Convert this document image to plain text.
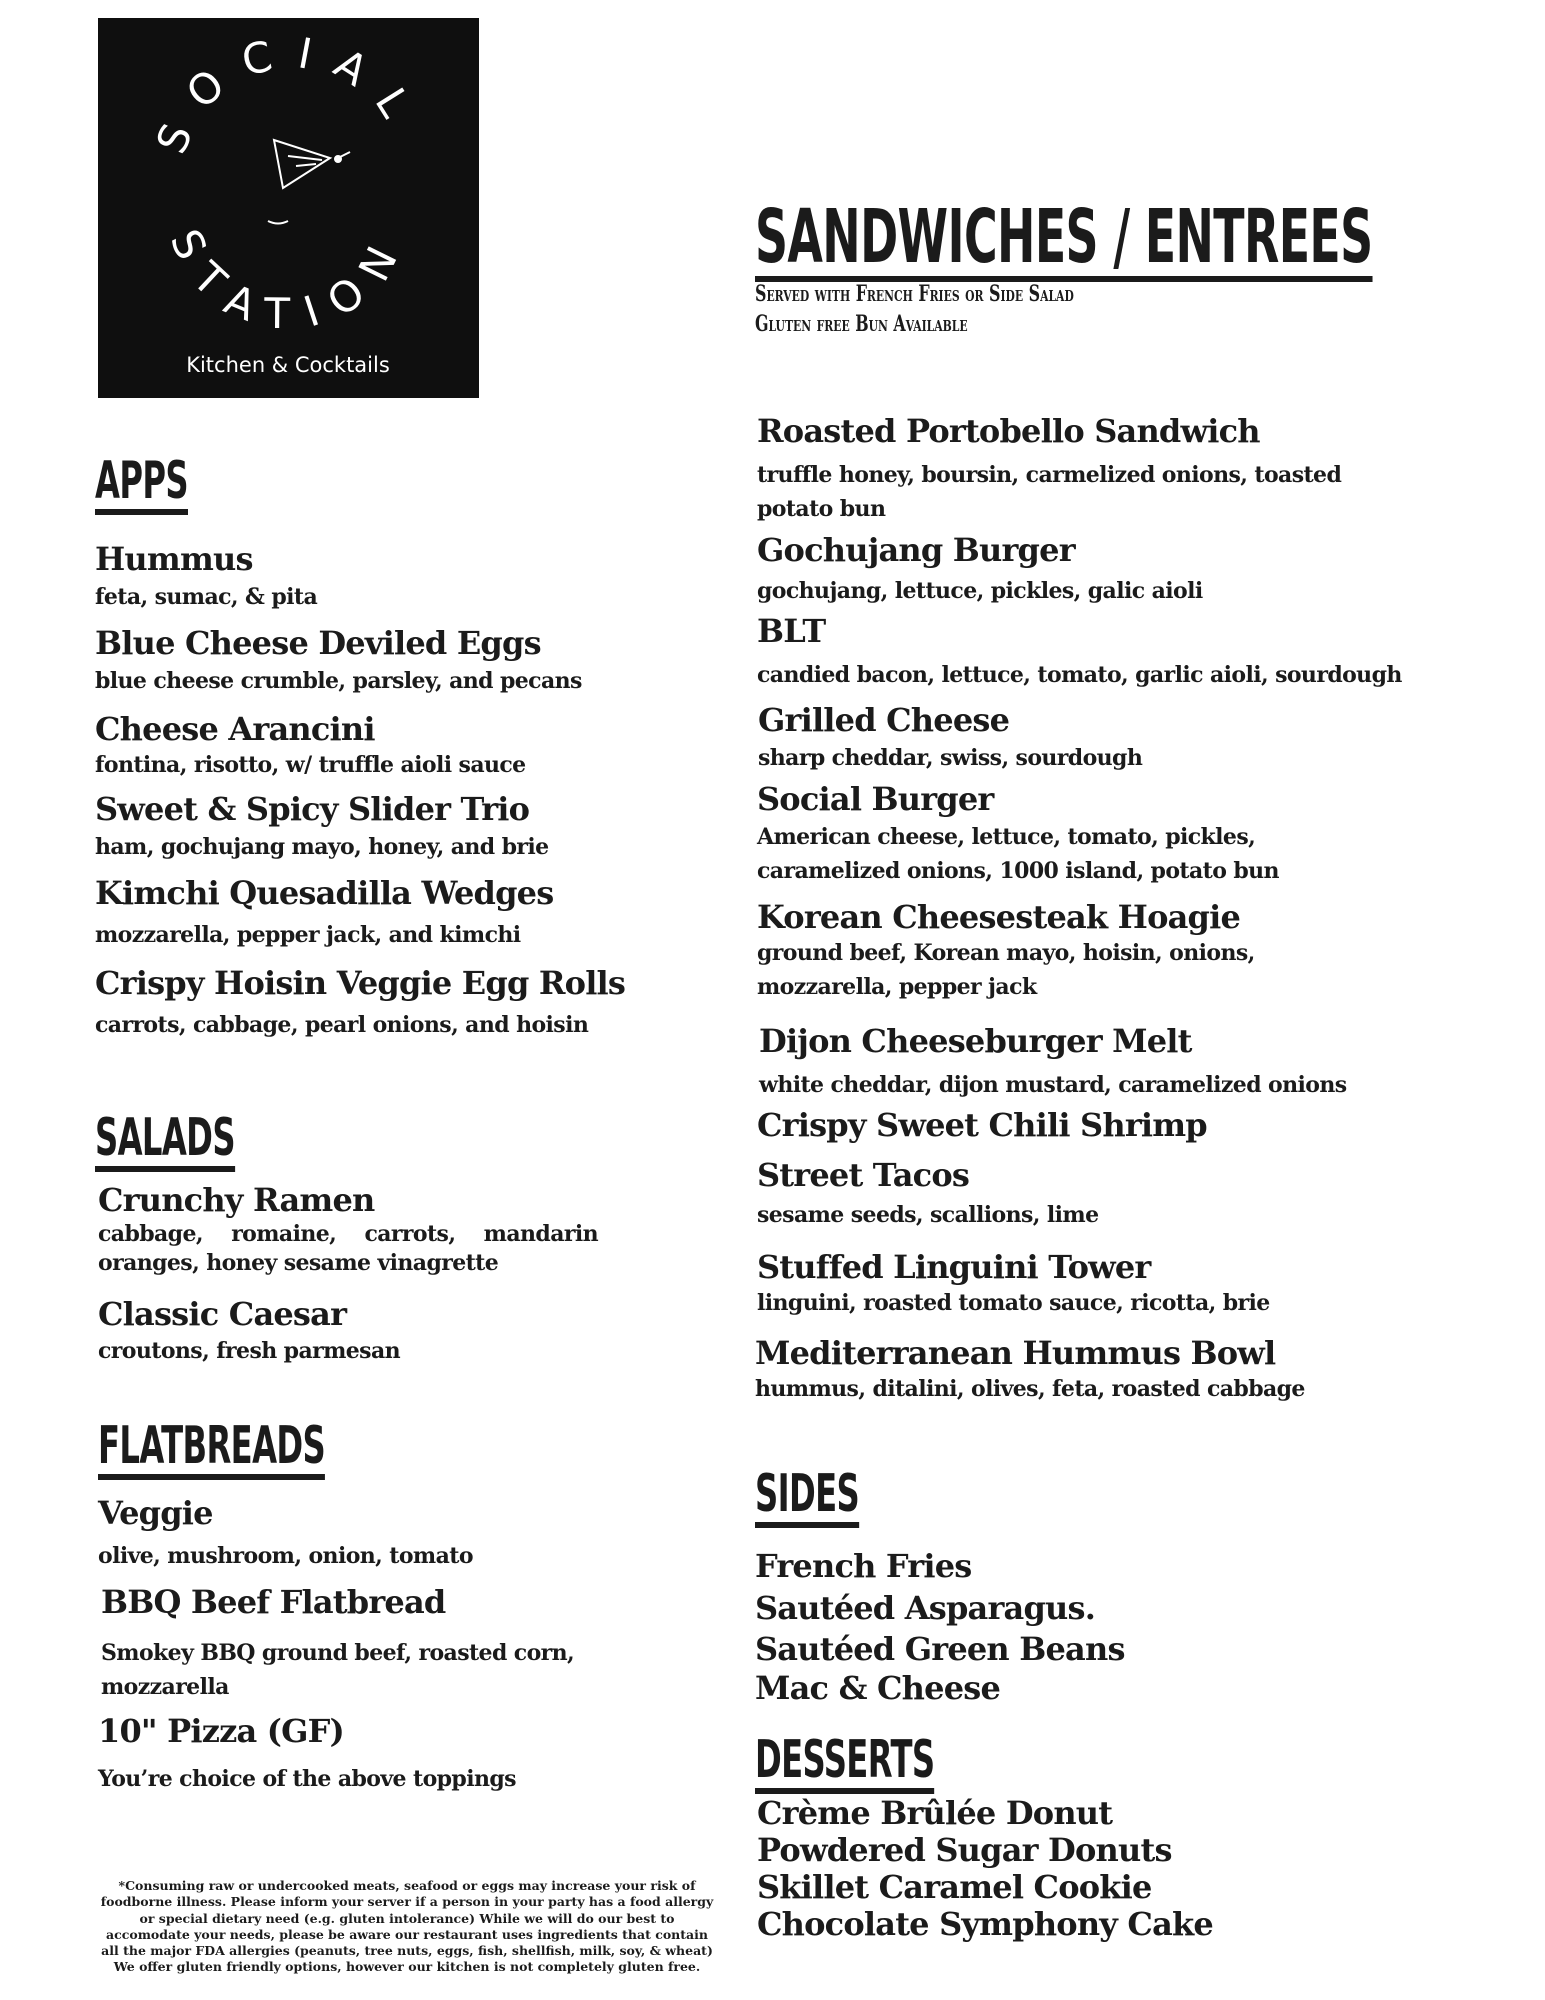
SOCIAL
STATION
Kitchen & Cocktails
APPS
Hummus
feta, sumac, & pita
Blue Cheese Deviled Eggs
blue cheese crumble, parsley, and pecans
Cheese Arancini
fontina, risotto, w/ truffle aioli sauce
Sweet & Spicy Slider Trio
ham, gochujang mayo, honey, and brie
Kimchi Quesadilla Wedges
mozzarella, pepper jack, and kimchi
Crispy Hoisin Veggie Egg Rolls
carrots, cabbage, pearl onions, and hoisin
SALADS
Crunchy Ramen
cabbage, romaine, carrots, mandarin oranges, honey sesame vinagrette
Classic Caesar
croutons, fresh parmesan
FLATBREADS
Veggie
olive, mushroom, onion, tomato
BBQ Beef Flatbread
Smokey BBQ ground beef, roasted corn, mozzarella
10" Pizza (GF)
You’re choice of the above toppings
*Consuming raw or undercooked meats, seafood or eggs may increase your risk of foodborne illness. Please inform your server if a person in your party has a food allergy or special dietary need (e.g. gluten intolerance) While we will do our best to accomodate your needs, please be aware our restaurant uses ingredients that contain all the major FDA allergies (peanuts, tree nuts, eggs, fish, shellfish, milk, soy, & wheat) We offer gluten friendly options, however our kitchen is not completely gluten free.
SANDWICHES / ENTREES
Served with French Fries or Side Salad
Gluten free Bun Available
Roasted Portobello Sandwich
truffle honey, boursin, carmelized onions, toasted potato bun
Gochujang Burger
gochujang, lettuce, pickles, galic aioli
BLT
candied bacon, lettuce, tomato, garlic aioli, sourdough
Grilled Cheese
sharp cheddar, swiss, sourdough
Social Burger
American cheese, lettuce, tomato, pickles, caramelized onions, 1000 island, potato bun
Korean Cheesesteak Hoagie
ground beef, Korean mayo, hoisin, onions, mozzarella, pepper jack
Dijon Cheeseburger Melt
white cheddar, dijon mustard, caramelized onions
Crispy Sweet Chili Shrimp
Street Tacos
sesame seeds, scallions, lime
Stuffed Linguini Tower
linguini, roasted tomato sauce, ricotta, brie
Mediterranean Hummus Bowl
hummus, ditalini, olives, feta, roasted cabbage
SIDES
French Fries
Sautéed Asparagus.
Sautéed Green Beans
Mac & Cheese
DESSERTS
Crème Brûlée Donut
Powdered Sugar Donuts
Skillet Caramel Cookie
Chocolate Symphony Cake
